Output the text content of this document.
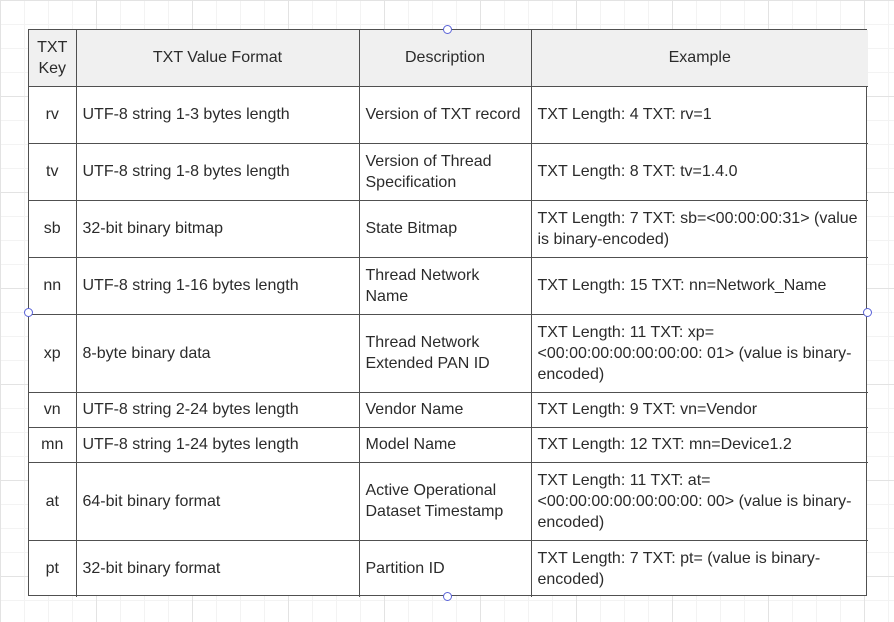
TXT Key	TXT Value Format	Description	Example
rv	UTF-8 string 1-3 bytes length	Version of TXT record	TXT Length: 4 TXT: rv=1
tv	UTF-8 string 1-8 bytes length	Version of Thread Specification	TXT Length: 8 TXT: tv=1.4.0
sb	32-bit binary bitmap	State Bitmap	TXT Length: 7 TXT: sb=<00:00:00:31> (value is binary-encoded)
nn	UTF-8 string 1-16 bytes length	Thread Network Name	TXT Length: 15 TXT: nn=Network_Name
xp	8-byte binary data	Thread Network Extended PAN ID	TXT Length: 11 TXT: xp=<00:00:00:00:00:00:00: 01> (value is binary-encoded)
vn	UTF-8 string 2-24 bytes length	Vendor Name	TXT Length: 9 TXT: vn=Vendor
mn	UTF-8 string 1-24 bytes length	Model Name	TXT Length: 12 TXT: mn=Device1.2
at	64-bit binary format	Active Operational Dataset Timestamp	TXT Length: 11 TXT: at=<00:00:00:00:00:00:00: 00> (value is binary-encoded)
pt	32-bit binary format	Partition ID	TXT Length: 7 TXT: pt= (value is binary-encoded)
